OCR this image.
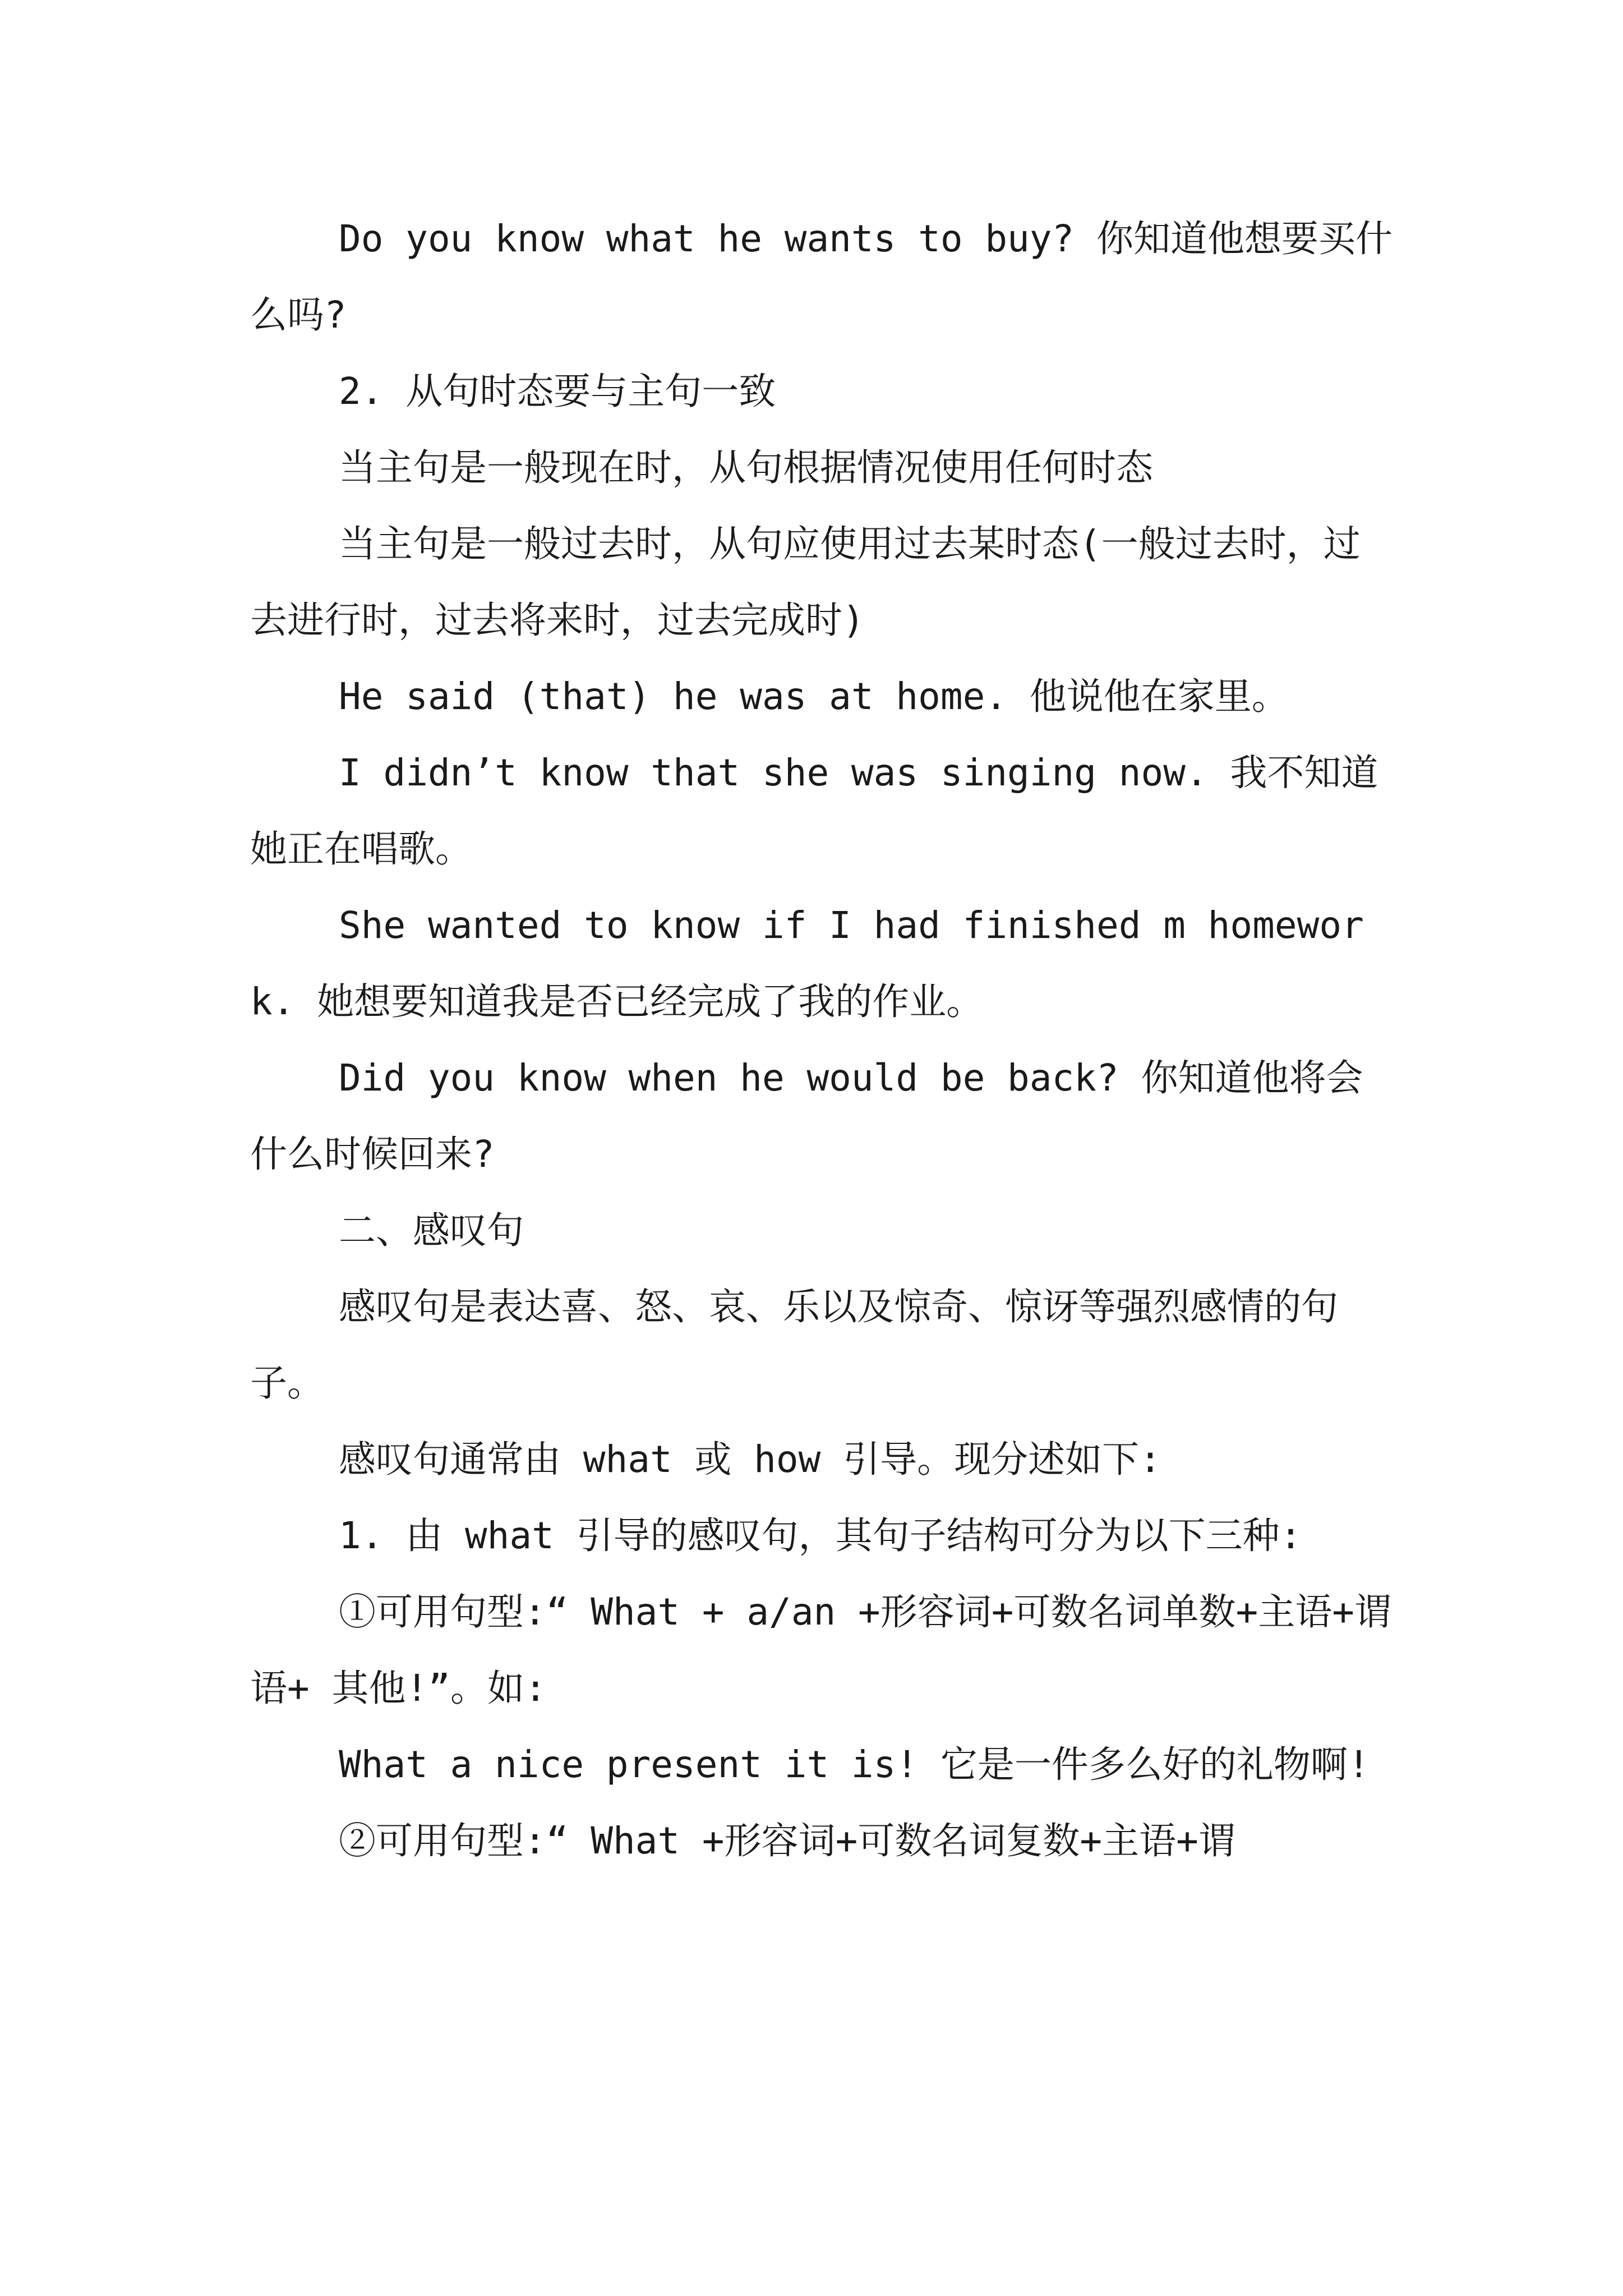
Do you know what he wants to buy? 你知道他想要买什么吗?

2. 从句时态要与主句一致

当主句是一般现在时，从句根据情况使用任何时态

当主句是一般过去时，从句应使用过去某时态(一般过去时，过去进行时，过去将来时，过去完成时)

He said (that) he was at home. 他说他在家里。

I didn’t know that she was singing now. 我不知道她正在唱歌。

She wanted to know if I had finished m homework. 她想要知道我是否已经完成了我的作业。

Did you know when he would be back? 你知道他将会什么时候回来?

二、感叹句

感叹句是表达喜、怒、哀、乐以及惊奇、惊讶等强烈感情的句子。

感叹句通常由 what 或 how 引导。现分述如下:

1. 由 what 引导的感叹句，其句子结构可分为以下三种:

①可用句型:“ What + a/an +形容词+可数名词单数+主语+谓语+ 其他!”。如:

What a nice present it is! 它是一件多么好的礼物啊!

②可用句型:“ What +形容词+可数名词复数+主语+谓
